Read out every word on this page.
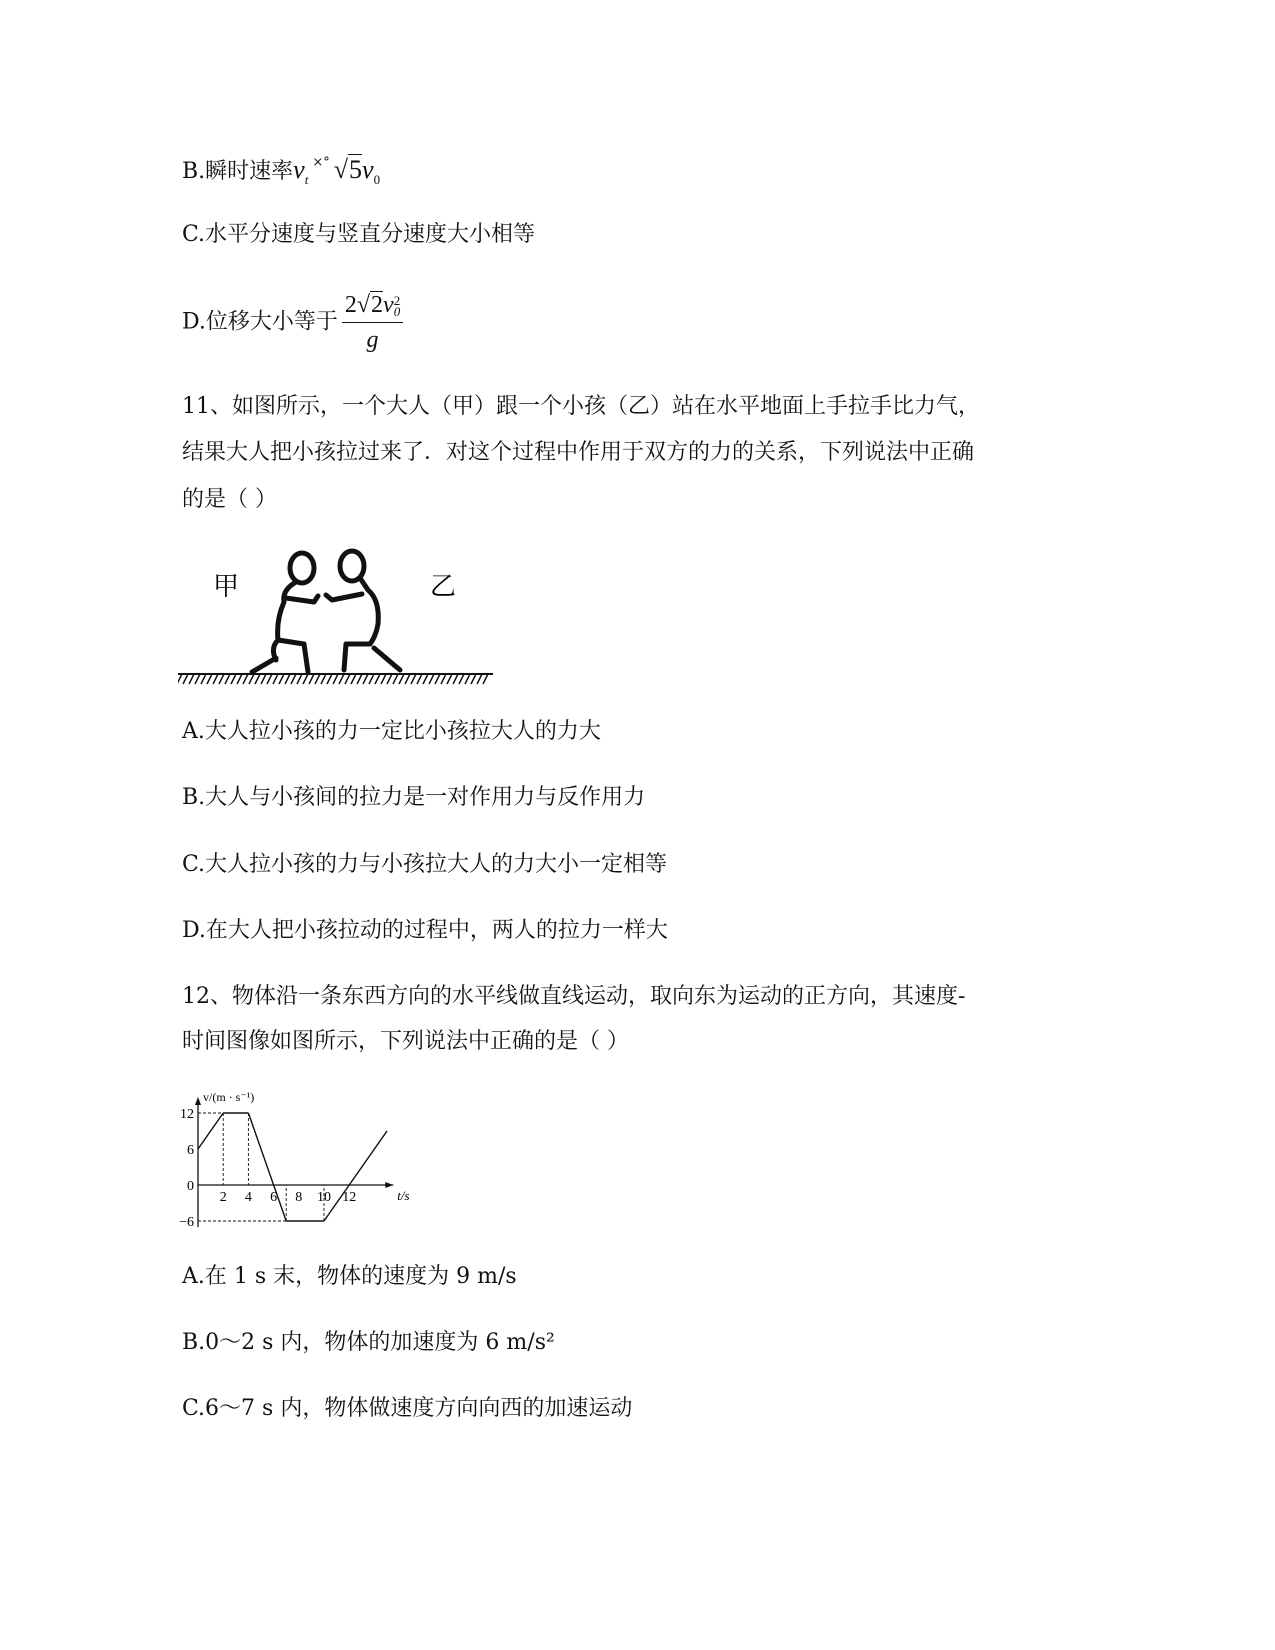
B.瞬时速率$v_t^{\times^\circ}$ $√5v_0$
C.水平分速度与竖直分速度大小相等
D.位移大小等于 2√2v 2
0
g
11、如图所示，一个大人（甲）跟一个小孩（乙）站在水平地面上手拉手比力气，
结果大人把小孩拉过来了．对这个过程中作用于双方的力的关系，下列说法中正确
的是（ ）
甲	乙
A.大人拉小孩的力一定比小孩拉大人的力大
B.大人与小孩间的拉力是一对作用力与反作用力
C.大人拉小孩的力与小孩拉大人的力大小一定相等
D.在大人把小孩拉动的过程中，两人的拉力一样大
12、物体沿一条东西方向的水平线做直线运动，取向东为运动的正方向，其速度-
时间图像如图所示，下列说法中正确的是（ ）
v/(m · s⁻¹)
t/s
−6
0
6
12
2 4 6 8 10 12
A.在 1 s 末，物体的速度为 9 m/s
B.0～2 s 内，物体的加速度为 6 m/s²
C.6～7 s 内，物体做速度方向向西的加速运动
